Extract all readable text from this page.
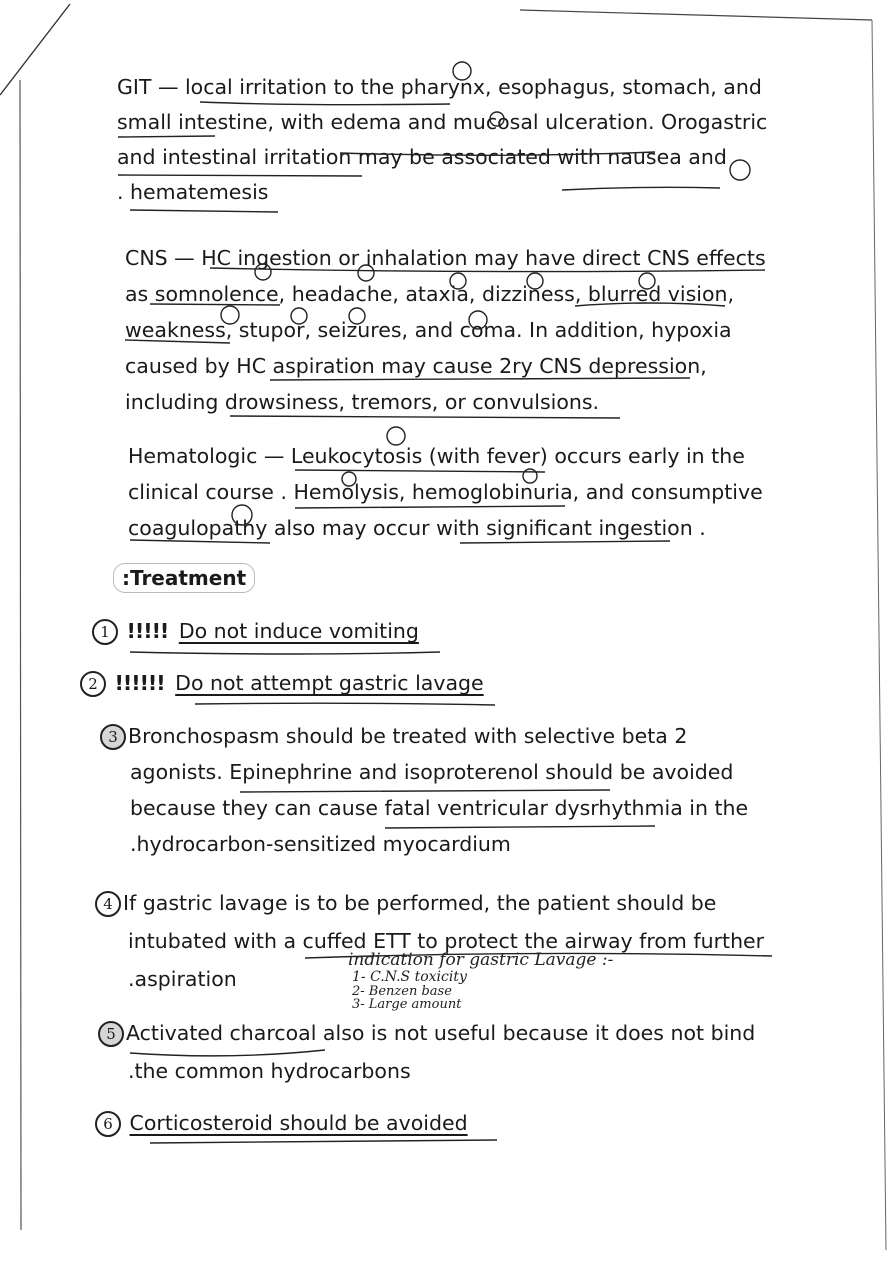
GIT — local irritation to the pharynx, esophagus, stomach, and
small intestine, with edema and mucosal ulceration. Orogastric
and intestinal irritation may be associated with nausea and
. hematemesis
CNS — HC ingestion or inhalation may have direct CNS effects
as somnolence, headache, ataxia, dizziness, blurred vision,
weakness, stupor, seizures, and coma. In addition, hypoxia
caused by HC aspiration may cause 2ry CNS depression,
including drowsiness, tremors, or convulsions.
Hematologic — Leukocytosis (with fever) occurs early in the
clinical course . Hemolysis, hemoglobinuria, and consumptive
coagulopathy also may occur with significant ingestion .
:Treatment
1 !!!!! Do not induce vomiting
2 !!!!!! Do not attempt gastric lavage
3 Bronchospasm should be treated with selective beta 2
agonists. Epinephrine and isoproterenol should be avoided
because they can cause fatal ventricular dysrhythmia in the
.hydrocarbon-sensitized myocardium
4 If gastric lavage is to be performed, the patient should be
intubated with a cuffed ETT to protect the airway from further
.aspiration
indication for gastric Lavage :-
1- C.N.S toxicity
2- Benzen base
3- Large amount
5 Activated charcoal also is not useful because it does not bind
.the common hydrocarbons
6 Corticosteroid should be avoided
